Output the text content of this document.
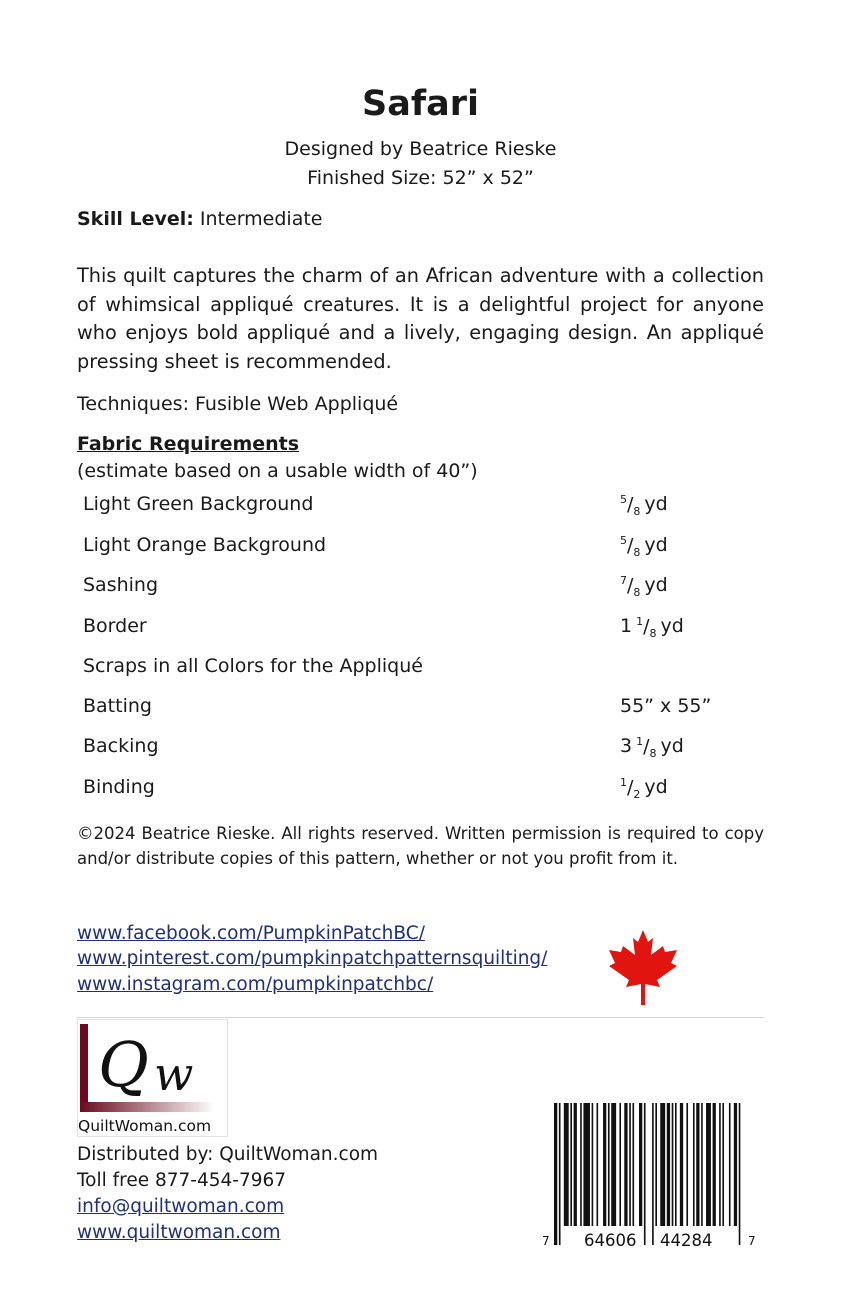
Safari
Designed by Beatrice Rieske
Finished Size: 52” x 52”
Skill Level: Intermediate
This quilt captures the charm of an African adventure with a collection of whimsical appliqué creatures. It is a delightful project for anyone who enjoys bold appliqué and a lively, engaging design. An appliqué pressing sheet is recommended.
Techniques: Fusible Web Appliqué
Fabric Requirements
(estimate based on a usable width of 40”)
Light Green Background	$^5/_8$ yd
Light Orange Background	$^5/_8$ yd
Sashing	$^7/_8$ yd
Border	1 $^1/_8$ yd
Scraps in all Colors for the Appliqué
Batting	55” x 55”
Backing	3 $^1/_8$ yd
Binding	$^1/_2$ yd
©2024 Beatrice Rieske. All rights reserved. Written permission is required to copy and/or distribute copies of this pattern, whether or not you profit from it.
www.facebook.com/PumpkinPatchBC/
www.pinterest.com/pumpkinpatchpatternsquilting/
www.instagram.com/pumpkinpatchbc/
Q w
QuiltWoman.com
Distributed by: QuiltWoman.com
Toll free 877-454-7967
info@quiltwoman.com
www.quiltwoman.com	7 64606 44284	7
